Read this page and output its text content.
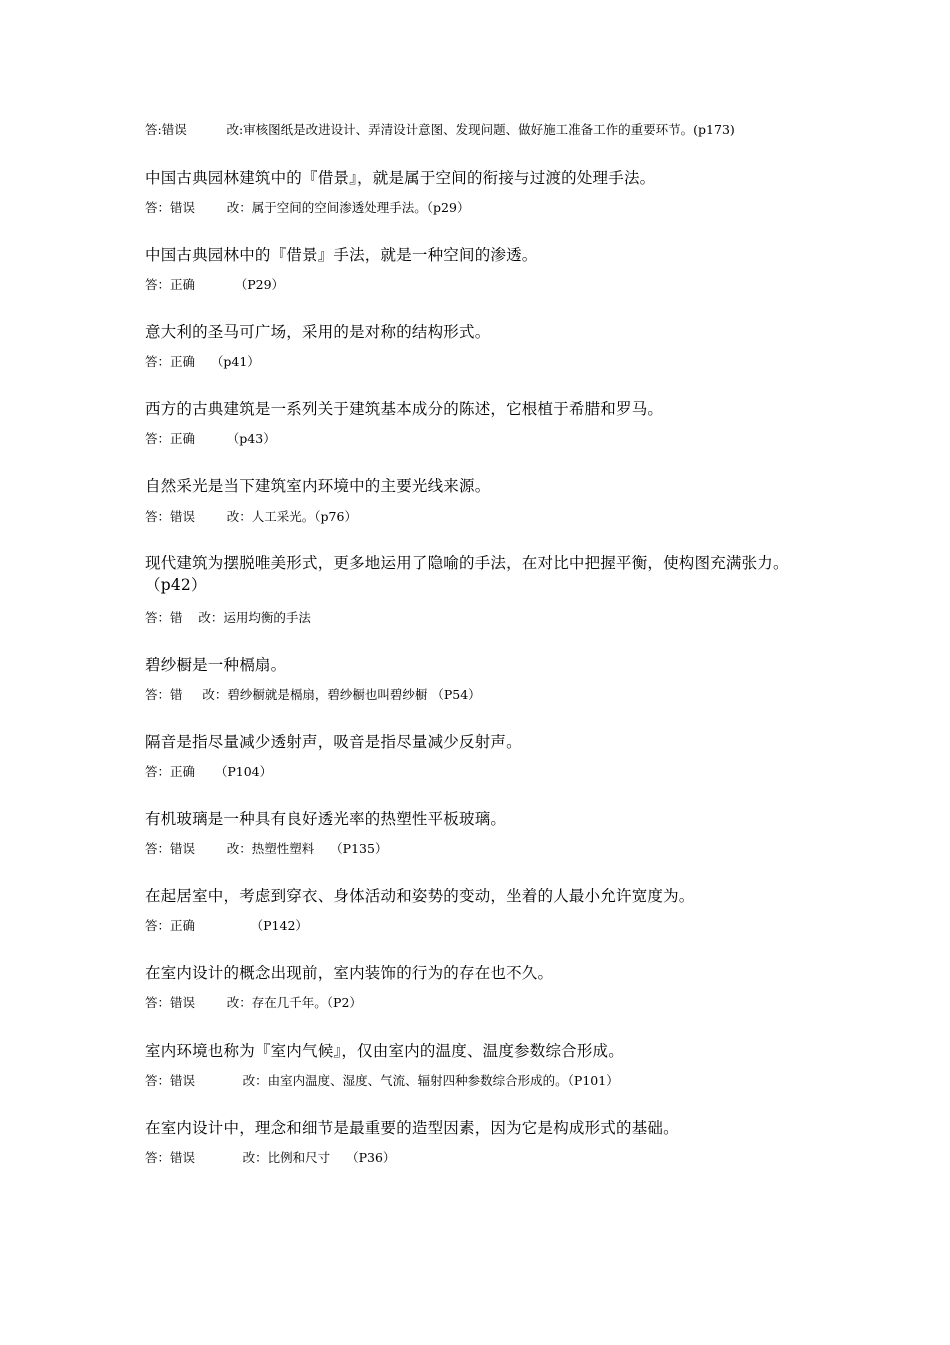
答:错误          改:审核图纸是改进设计、弄清设计意图、发现问题、做好施工准备工作的重要环节。(p173)
中国古典园林建筑中的『借景』，就是属于空间的衔接与过渡的处理手法。
答：错误        改：属于空间的空间渗透处理手法。（p29）
中国古典园林中的『借景』手法，就是一种空间的渗透。
答：正确          （P29）
意大利的圣马可广场，采用的是对称的结构形式。
答：正确    （p41）
西方的古典建筑是一系列关于建筑基本成分的陈述，它根植于希腊和罗马。
答：正确        （p43）
自然采光是当下建筑室内环境中的主要光线来源。
答：错误        改：人工采光。（p76）
现代建筑为摆脱唯美形式，更多地运用了隐喻的手法，在对比中把握平衡，使构图充满张力。（p42）
答：错    改：运用均衡的手法
碧纱橱是一种槅扇。
答：错     改：碧纱橱就是槅扇，碧纱橱也叫碧纱橱 （P54）
隔音是指尽量减少透射声，吸音是指尽量减少反射声。
答：正确     （P104）
有机玻璃是一种具有良好透光率的热塑性平板玻璃。
答：错误        改：热塑性塑料    （P135）
在起居室中，考虑到穿衣、身体活动和姿势的变动，坐着的人最小允许宽度为。
答：正确              （P142）
在室内设计的概念出现前，室内装饰的行为的存在也不久。
答：错误        改：存在几千年。（P2）
室内环境也称为『室内气候』，仅由室内的温度、温度参数综合形成。
答：错误            改：由室内温度、湿度、气流、辐射四种参数综合形成的。（P101）
在室内设计中，理念和细节是最重要的造型因素，因为它是构成形式的基础。
答：错误            改：比例和尺寸    （P36）
